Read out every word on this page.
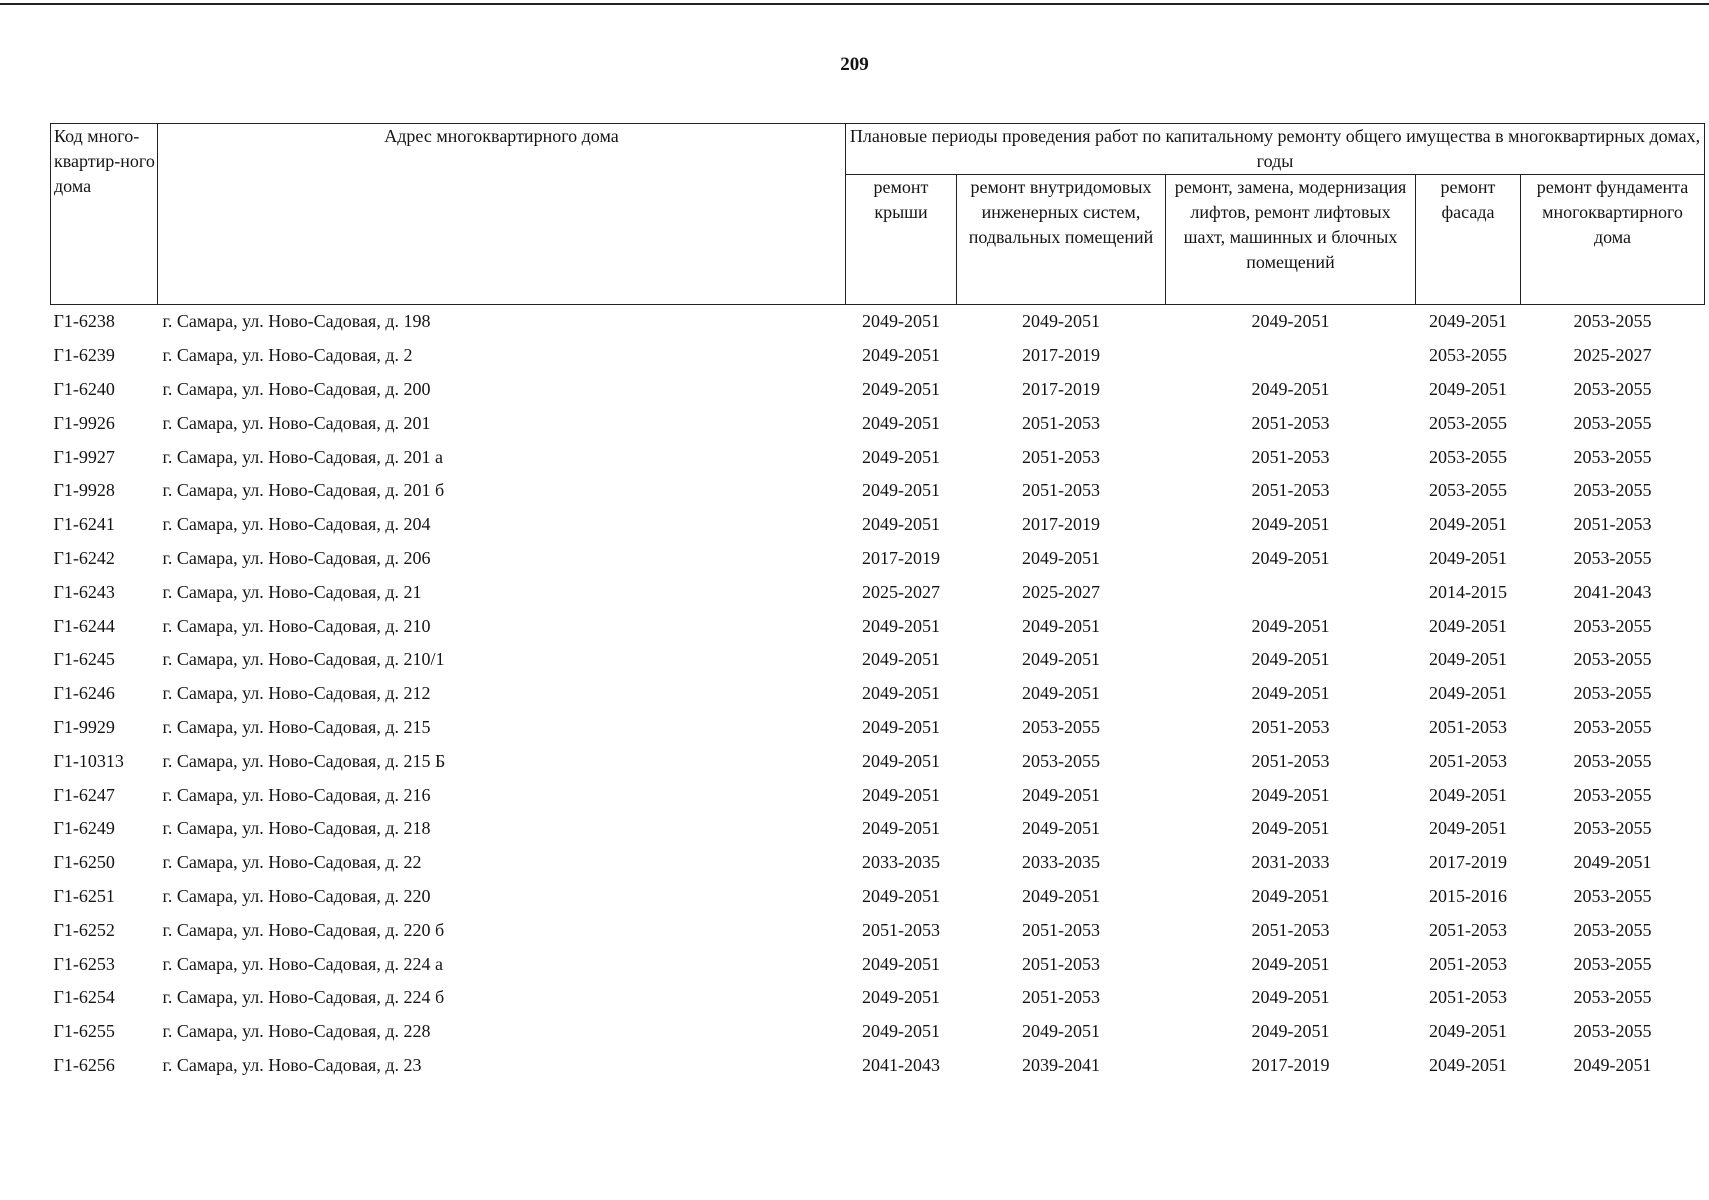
209
Код много-квартир-ного дома	Адрес многоквартирного дома	Плановые периоды проведения работ по капитальному ремонту общего имущества в многоквартирных домах, годы				
		ремонт крыши	ремонт внутридомовых инженерных систем, подвальных помещений	ремонт, замена, модернизация лифтов, ремонт лифтовых шахт, машинных и блочных помещений	ремонт фасада	ремонт фундамента многоквартирного дома
Г1-6238	г. Самара, ул. Ново-Садовая, д. 198	2049-2051	2049-2051	2049-2051	2049-2051	2053-2055
Г1-6239	г. Самара, ул. Ново-Садовая, д. 2	2049-2051	2017-2019		2053-2055	2025-2027
Г1-6240	г. Самара, ул. Ново-Садовая, д. 200	2049-2051	2017-2019	2049-2051	2049-2051	2053-2055
Г1-9926	г. Самара, ул. Ново-Садовая, д. 201	2049-2051	2051-2053	2051-2053	2053-2055	2053-2055
Г1-9927	г. Самара, ул. Ново-Садовая, д. 201 а	2049-2051	2051-2053	2051-2053	2053-2055	2053-2055
Г1-9928	г. Самара, ул. Ново-Садовая, д. 201 б	2049-2051	2051-2053	2051-2053	2053-2055	2053-2055
Г1-6241	г. Самара, ул. Ново-Садовая, д. 204	2049-2051	2017-2019	2049-2051	2049-2051	2051-2053
Г1-6242	г. Самара, ул. Ново-Садовая, д. 206	2017-2019	2049-2051	2049-2051	2049-2051	2053-2055
Г1-6243	г. Самара, ул. Ново-Садовая, д. 21	2025-2027	2025-2027		2014-2015	2041-2043
Г1-6244	г. Самара, ул. Ново-Садовая, д. 210	2049-2051	2049-2051	2049-2051	2049-2051	2053-2055
Г1-6245	г. Самара, ул. Ново-Садовая, д. 210/1	2049-2051	2049-2051	2049-2051	2049-2051	2053-2055
Г1-6246	г. Самара, ул. Ново-Садовая, д. 212	2049-2051	2049-2051	2049-2051	2049-2051	2053-2055
Г1-9929	г. Самара, ул. Ново-Садовая, д. 215	2049-2051	2053-2055	2051-2053	2051-2053	2053-2055
Г1-10313	г. Самара, ул. Ново-Садовая, д. 215 Б	2049-2051	2053-2055	2051-2053	2051-2053	2053-2055
Г1-6247	г. Самара, ул. Ново-Садовая, д. 216	2049-2051	2049-2051	2049-2051	2049-2051	2053-2055
Г1-6249	г. Самара, ул. Ново-Садовая, д. 218	2049-2051	2049-2051	2049-2051	2049-2051	2053-2055
Г1-6250	г. Самара, ул. Ново-Садовая, д. 22	2033-2035	2033-2035	2031-2033	2017-2019	2049-2051
Г1-6251	г. Самара, ул. Ново-Садовая, д. 220	2049-2051	2049-2051	2049-2051	2015-2016	2053-2055
Г1-6252	г. Самара, ул. Ново-Садовая, д. 220 б	2051-2053	2051-2053	2051-2053	2051-2053	2053-2055
Г1-6253	г. Самара, ул. Ново-Садовая, д. 224 а	2049-2051	2051-2053	2049-2051	2051-2053	2053-2055
Г1-6254	г. Самара, ул. Ново-Садовая, д. 224 б	2049-2051	2051-2053	2049-2051	2051-2053	2053-2055
Г1-6255	г. Самара, ул. Ново-Садовая, д. 228	2049-2051	2049-2051	2049-2051	2049-2051	2053-2055
Г1-6256	г. Самара, ул. Ново-Садовая, д. 23	2041-2043	2039-2041	2017-2019	2049-2051	2049-2051
